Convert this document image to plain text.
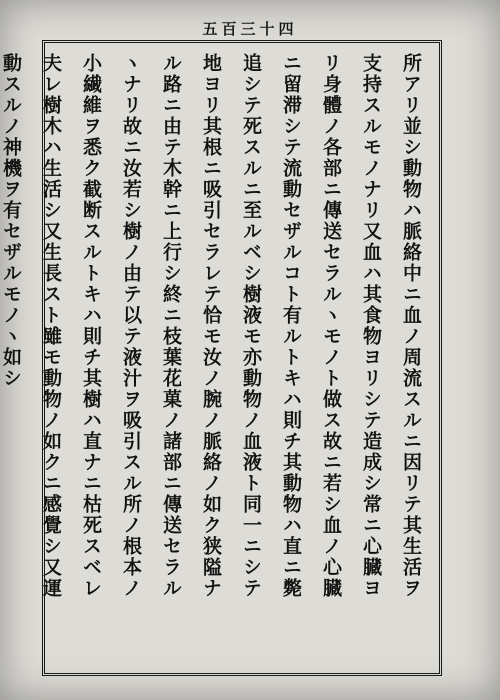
五百三十四
所アリ並シ動物ハ脈絡中ニ血ノ周流スルニ因リテ其生活ヲ
支持スルモノナリ又血ハ其食物ヨリシテ造成シ常ニ心臓ヨ
リ身體ノ各部ニ傳送セラルヽモノト做ス故ニ若シ血ノ心臓
ニ留滞シテ流動セザルコト有ルトキハ則チ其動物ハ直ニ斃
追シテ死スルニ至ルベシ樹液モ亦動物ノ血液ト同一ニシテ
地ヨリ其根ニ吸引セラレテ恰モ汝ノ腕ノ脈絡ノ如ク狭隘ナ
ル路ニ由テ木幹ニ上行シ終ニ枝葉花菓ノ諸部ニ傳送セラル
ヽナリ故ニ汝若シ樹ノ由テ以テ液汁ヲ吸引スル所ノ根本ノ
小繊維ヲ悉ク截断スルトキハ則チ其樹ハ直ナニ枯死スベレ
夫レ樹木ハ生活シ又生長スト雖モ動物ノ如クニ感覺シ又運
動スルノ神機ヲ有セザルモノヽ如シ
